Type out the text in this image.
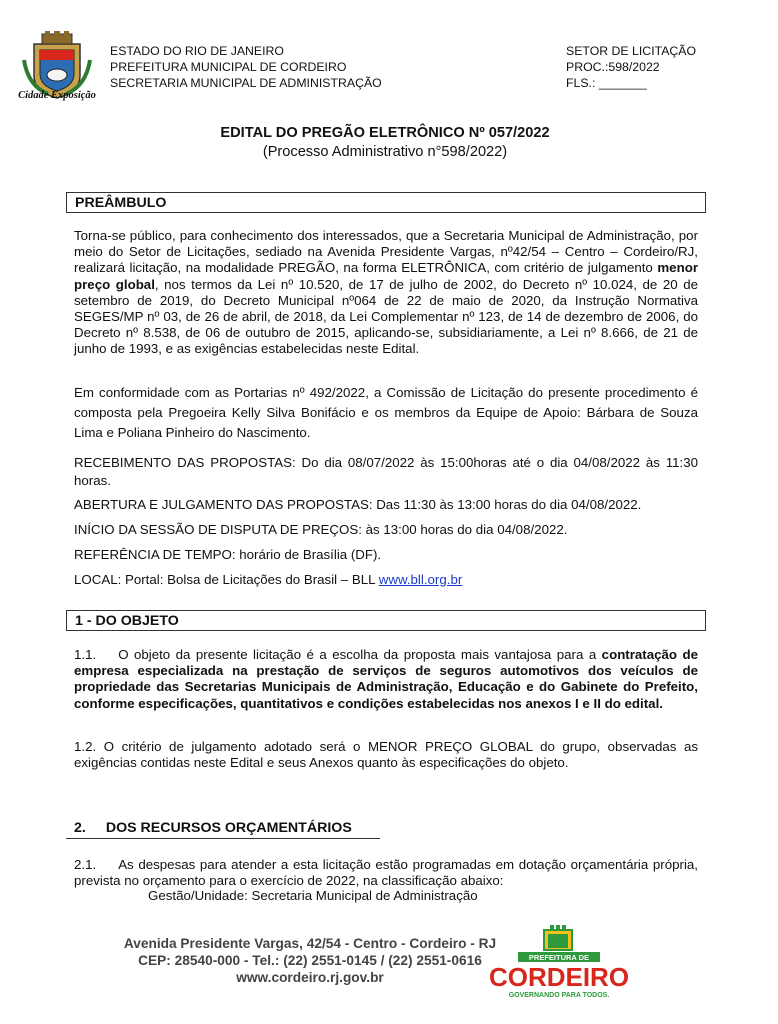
Cidade Exposição
ESTADO DO RIO DE JANEIRO
PREFEITURA MUNICIPAL DE CORDEIRO
SECRETARIA MUNICIPAL DE ADMINISTRAÇÃO
SETOR DE LICITAÇÃO
PROC.:598/2022
FLS.: _______
EDITAL DO PREGÃO ELETRÔNICO Nº 057/2022
(Processo Administrativo n°598/2022)
PREÂMBULO
Torna-se público, para conhecimento dos interessados, que a Secretaria Municipal de Administração, por meio do Setor de Licitações, sediado na Avenida Presidente Vargas, nº42/54 – Centro – Cordeiro/RJ, realizará licitação, na modalidade PREGÃO, na forma ELETRÔNICA, com critério de julgamento menor preço global, nos termos da Lei nº 10.520, de 17 de julho de 2002, do Decreto nº 10.024, de 20 de setembro de 2019, do Decreto Municipal nº064 de 22 de maio de 2020, da Instrução Normativa SEGES/MP nº 03, de 26 de abril, de 2018, da Lei Complementar nº 123, de 14 de dezembro de 2006, do Decreto nº 8.538, de 06 de outubro de 2015, aplicando-se, subsidiariamente, a Lei nº 8.666, de 21 de junho de 1993, e as exigências estabelecidas neste Edital.
Em conformidade com as Portarias nº 492/2022, a Comissão de Licitação do presente procedimento é composta pela Pregoeira Kelly Silva Bonifácio e os membros da Equipe de Apoio: Bárbara de Souza Lima e Poliana Pinheiro do Nascimento.
RECEBIMENTO DAS PROPOSTAS: Do dia 08/07/2022 às 15:00horas até o dia 04/08/2022 às 11:30 horas.
ABERTURA E JULGAMENTO DAS PROPOSTAS: Das 11:30 às 13:00 horas do dia 04/08/2022.
INÍCIO DA SESSÃO DE DISPUTA DE PREÇOS: às 13:00 horas do dia 04/08/2022.
REFERÊNCIA DE TEMPO: horário de Brasília (DF).
LOCAL: Portal: Bolsa de Licitações do Brasil – BLL www.bll.org.br
1 - DO OBJETO
1.1. O objeto da presente licitação é a escolha da proposta mais vantajosa para a contratação de empresa especializada na prestação de serviços de seguros automotivos dos veículos de propriedade das Secretarias Municipais de Administração, Educação e do Gabinete do Prefeito, conforme especificações, quantitativos e condições estabelecidas nos anexos I e II do edital.
1.2. O critério de julgamento adotado será o MENOR PREÇO GLOBAL do grupo, observadas as exigências contidas neste Edital e seus Anexos quanto às especificações do objeto.
2. DOS RECURSOS ORÇAMENTÁRIOS
2.1. As despesas para atender a esta licitação estão programadas em dotação orçamentária própria, prevista no orçamento para o exercício de 2022, na classificação abaixo:
Gestão/Unidade: Secretaria Municipal de Administração
Avenida Presidente Vargas, 42/54 - Centro - Cordeiro - RJ
CEP: 28540-000 - Tel.: (22) 2551-0145 / (22) 2551-0616
www.cordeiro.rj.gov.br
PREFEITURA DE
CORDEIRO
GOVERNANDO PARA TODOS.
